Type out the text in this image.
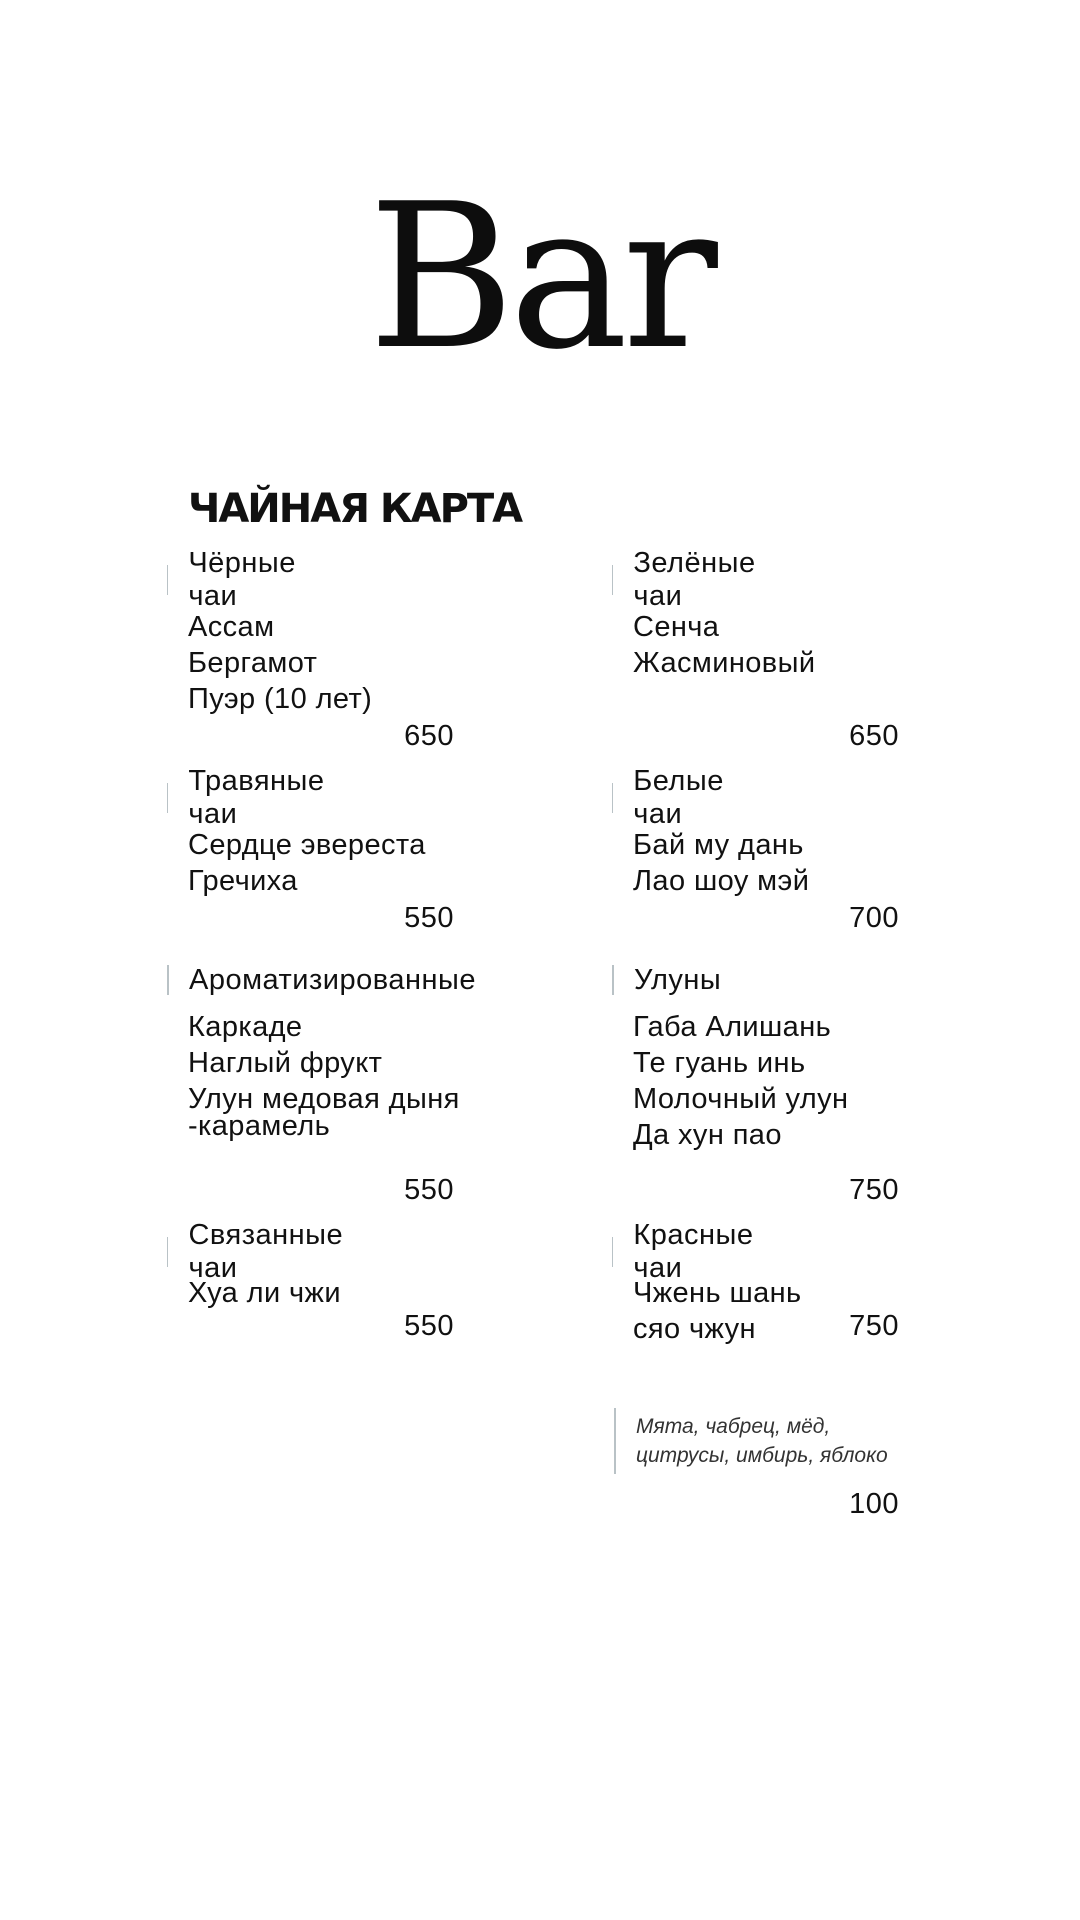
Bar
ЧАЙНАЯ КАРТА
Чёрные чаи
Ассам
Бергамот
Пуэр (10 лет)
650
Зелёные чаи
Сенча
Жасминовый
650
Травяные чаи
Сердце эвереста
Гречиха
550
Белые чаи
Бай му дань
Лао шоу мэй
700
Ароматизированные
Каркаде
Наглый фрукт
Улун медовая дыня
-карамель
550
Улуны
Габа Алишань
Те гуань инь
Молочный улун
Да хун пао
750
Связанные чаи
Хуа ли чжи
550
Красные чаи
Чжень шань
сяо чжун	750
Мята, чабрец, мёд,
цитрусы, имбирь, яблоко
100
